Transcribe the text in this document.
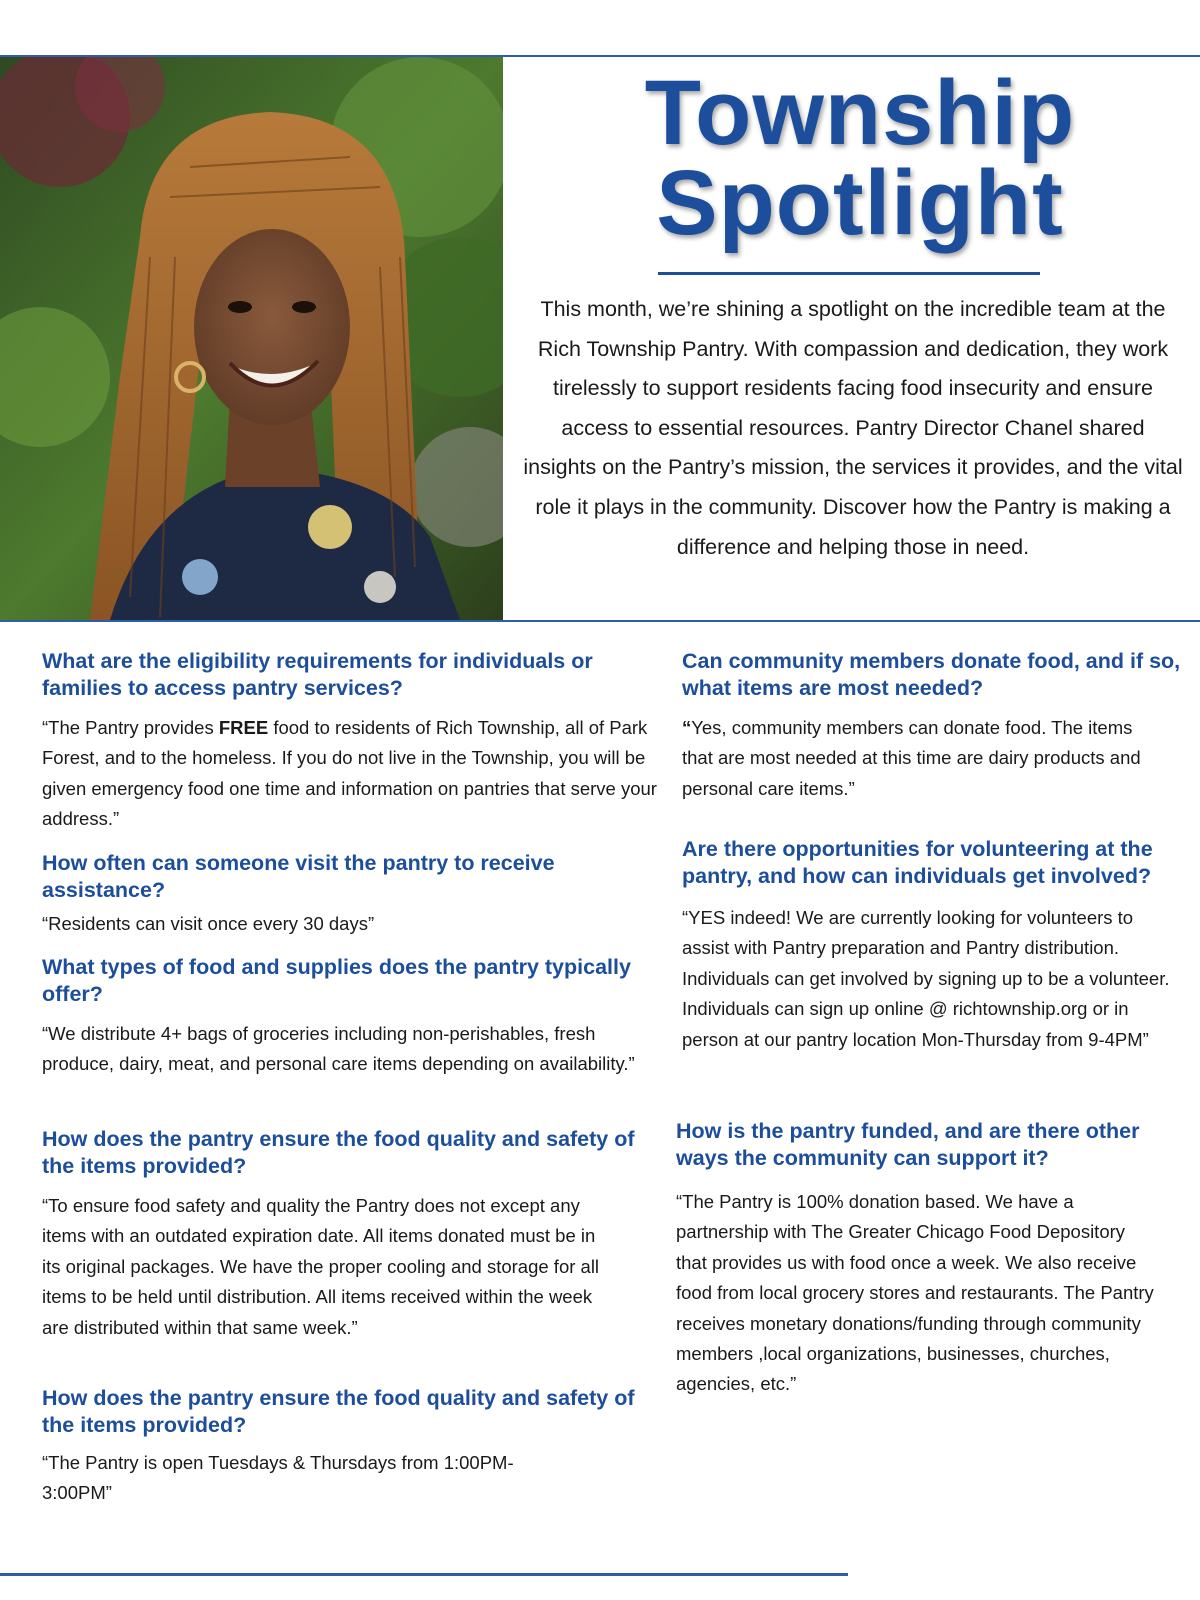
Township
Spotlight
This month, we’re shining a spotlight on the incredible team at the Rich Township Pantry. With compassion and dedication, they work tirelessly to support residents facing food insecurity and ensure access to essential resources. Pantry Director Chanel shared insights on the Pantry’s mission, the services it provides, and the vital role it plays in the community. Discover how the Pantry is making a difference and helping those in need.

What are the eligibility requirements for individuals or families to access pantry services?

“The Pantry provides FREE food to residents of Rich Township, all of Park Forest, and to the homeless. If you do not live in the Township, you will be given emergency food one time and information on pantries that serve your address.”

How often can someone visit the pantry to receive assistance?

“Residents can visit once every 30 days”

What types of food and supplies does the pantry typically offer?

“We distribute 4+ bags of groceries including non-perishables, fresh produce, dairy, meat, and personal care items depending on availability.”

How does the pantry ensure the food quality and safety of the items provided?

“To ensure food safety and quality the Pantry does not except any items with an outdated expiration date. All items donated must be in its original packages. We have the proper cooling and storage for all items to be held until distribution. All items received within the week are distributed within that same week.”

How does the pantry ensure the food quality and safety of the items provided?

“The Pantry is open Tuesdays & Thursdays from 1:00PM-3:00PM”

Can community members donate food, and if so, what items are most needed?

“Yes, community members can donate food. The items that are most needed at this time are dairy products and personal care items.”

Are there opportunities for volunteering at the pantry, and how can individuals get involved?

“YES indeed! We are currently looking for volunteers to assist with Pantry preparation and Pantry distribution. Individuals can get involved by signing up to be a volunteer. Individuals can sign up online @ richtownship.org or in person at our pantry location Mon-Thursday from 9-4PM”

How is the pantry funded, and are there other ways the community can support it?

“The Pantry is 100% donation based. We have a partnership with The Greater Chicago Food Depository that provides us with food once a week. We also receive food from local grocery stores and restaurants. The Pantry receives monetary donations/funding through community members ,local organizations, businesses, churches, agencies, etc.”
